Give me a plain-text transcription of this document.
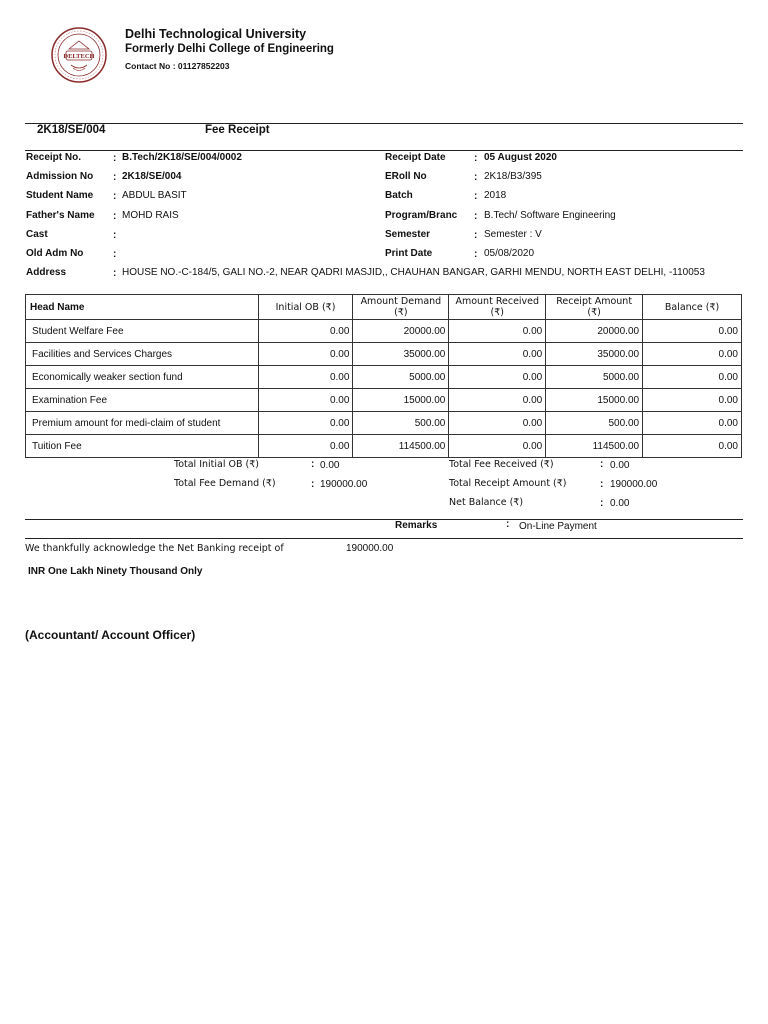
DELTECH
Delhi Technological University
Formerly Delhi College of Engineering
Contact No : 01127852203
2K18/SE/004	Fee Receipt
Receipt No.	: B.Tech/2K18/SE/004/0002
Admission No : 2K18/SE/004
Student Name : ABDUL BASIT
Father's Name : MOHD RAIS
Cast	:
Old Adm No	:
Address	: HOUSE NO.-C-184/5, GALI NO.-2, NEAR QADRI MASJID,, CHAUHAN BANGAR, GARHI MENDU, NORTH EAST DELHI, -110053
Receipt Date	: 05 August 2020
ERoll No	: 2K18/B3/395
Batch	: 2018
Program/Branc : B.Tech/ Software Engineering
Semester	: Semester : V
Print Date	: 05/08/2020
Head Name	Initial OB (₹)	Amount Demand (₹)	Amount Received (₹)	Receipt Amount (₹)	Balance (₹)
Student Welfare Fee	0.00	20000.00	0.00	20000.00	0.00
Facilities and Services Charges	0.00	35000.00	0.00	35000.00	0.00
Economically weaker section fund	0.00	5000.00	0.00	5000.00	0.00
Examination Fee	0.00	15000.00	0.00	15000.00	0.00
Premium amount for medi-claim of student	0.00	500.00	0.00	500.00	0.00
Tuition Fee	0.00	114500.00	0.00	114500.00	0.00
Total Initial OB (₹)	: 0.00
Total Fee Demand (₹)	: 190000.00
Total Fee Received (₹)	: 0.00
Total Receipt Amount (₹)	: 190000.00
Net Balance (₹)	: 0.00
Remarks	: On-Line Payment
We thankfully acknowledge the Net Banking receipt of	190000.00
INR One Lakh Ninety Thousand Only
(Accountant/ Account Officer)
